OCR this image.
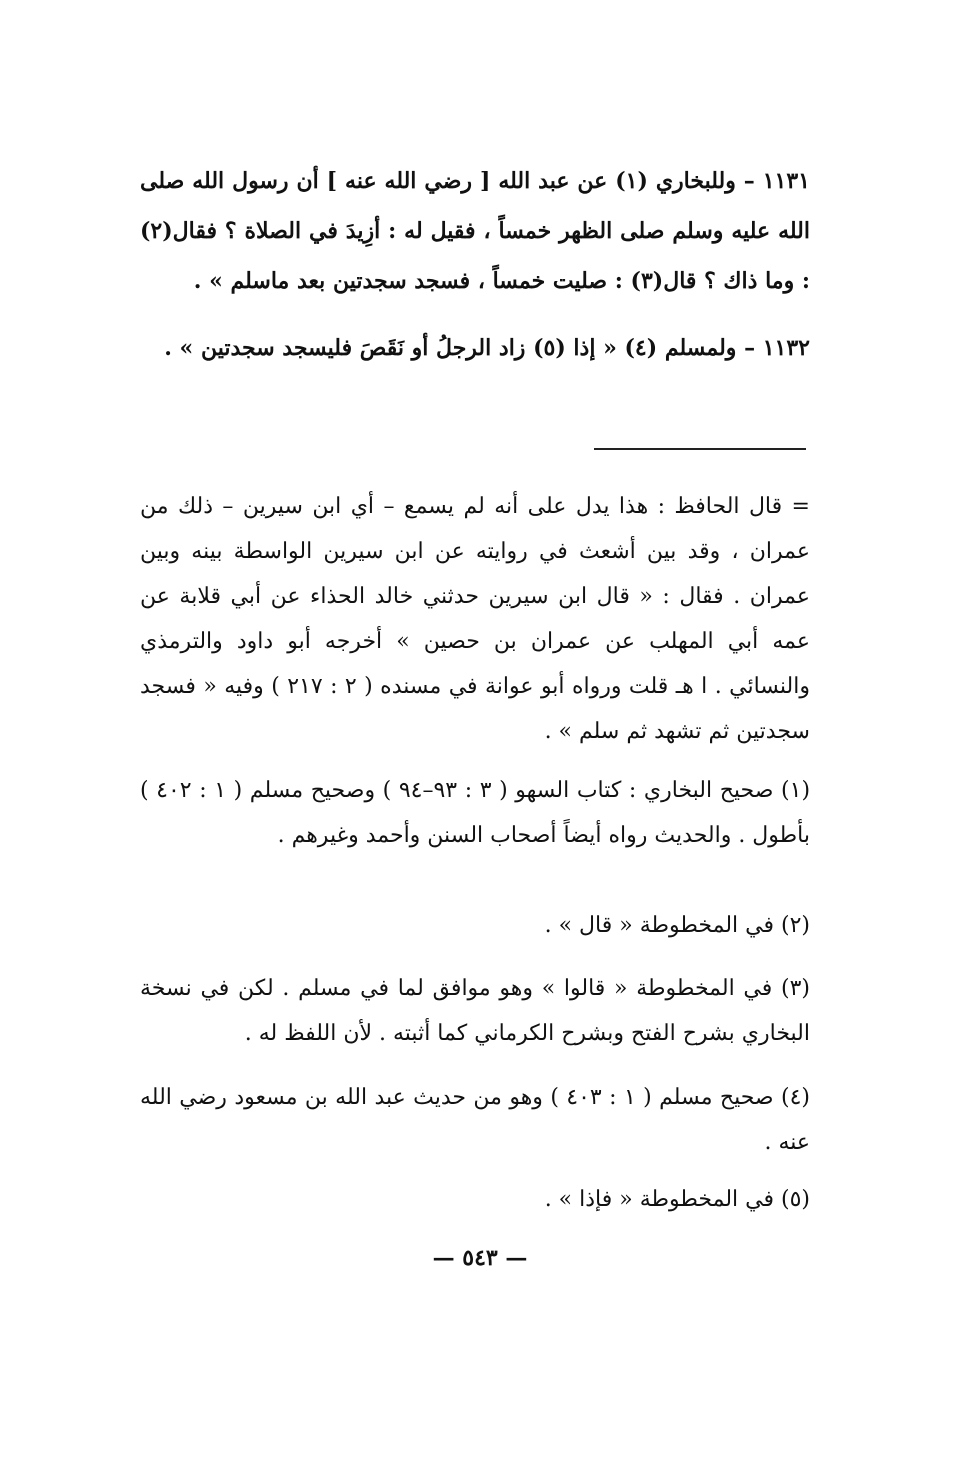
١١٣١ – وللبخاري (١) عن عبد الله [ رضي الله عنه ] أن رسول الله صلى الله عليه وسلم صلى الظهر خمساً ، فقيل له : أزِيدَ في الصلاة ؟ فقال(٢) : وما ذاك ؟ قال(٣) : صليت خمساً ، فسجد سجدتين بعد ماسلم » .
١١٣٢ – ولمسلم (٤) « إذا (٥) زاد الرجلُ أو نَقَصَ فليسجد سجدتين » .
= قال الحافظ : هذا يدل على أنه لم يسمع – أي ابن سيرين – ذلك من عمران ، وقد بين أشعث في روايته عن ابن سيرين الواسطة بينه وبين عمران . فقال : « قال ابن سيرين حدثني خالد الحذاء عن أبي قلابة عن عمه أبي المهلب عن عمران بن حصين » أخرجه أبو داود والترمذي والنسائي . ا هـ قلت ورواه أبو عوانة في مسنده ( ٢ : ٢١٧ ) وفيه « فسجد سجدتين ثم تشهد ثم سلم » .
(١) صحيح البخاري : كتاب السهو ( ٣ : ٩٣–٩٤ ) وصحيح مسلم ( ١ : ٤٠٢ ) بأطول . والحديث رواه أيضاً أصحاب السنن وأحمد وغيرهم .
(٢) في المخطوطة « قال » .
(٣) في المخطوطة « قالوا » وهو موافق لما في مسلم . لكن في نسخة البخاري بشرح الفتح وبشرح الكرماني كما أثبته . لأن اللفظ له .
(٤) صحيح مسلم ( ١ : ٤٠٣ ) وهو من حديث عبد الله بن مسعود رضي الله عنه .
(٥) في المخطوطة « فإذا » .
— ٥٤٣ —
